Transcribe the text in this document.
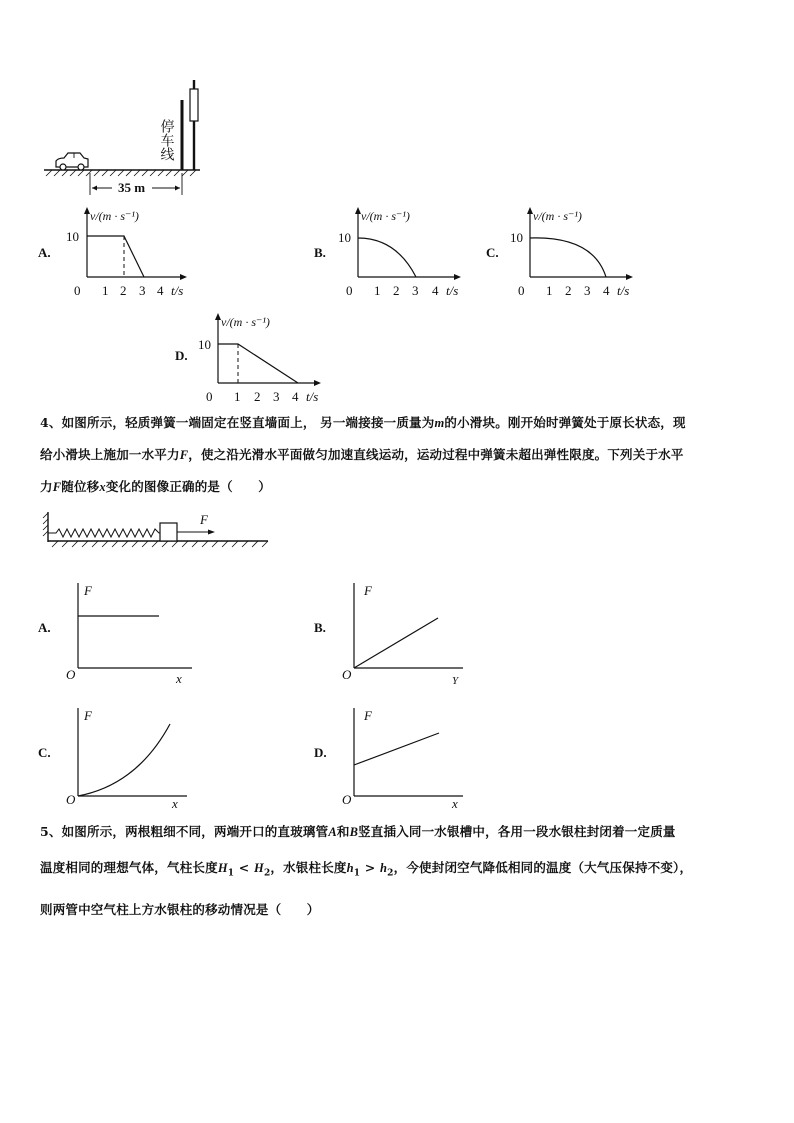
停车线
35 m
A.
v/(m · s⁻¹)
10
0 1 2 3 4 t/s
B.
v/(m · s⁻¹)
10
0 1 2 3 4 t/s
C.
v/(m · s⁻¹)
10
0 1 2 3 4 t/s
D.
v/(m · s⁻¹)
10
0 1 2 3 4 t/s
4、如图所示，轻质弹簧一端固定在竖直墙面上， 另一端接接一质量为m的小滑块。刚开始时弹簧处于原长状态，现
给小滑块上施加一水平力F，使之沿光滑水平面做匀加速直线运动，运动过程中弹簧未超出弹性限度。下列关于水平
力F随位移x变化的图像正确的是（　　）
F
A.
F
O	x
B.
F
O	Y
C.
F
O	x
D.
F
O	x
5、如图所示，两根粗细不同，两端开口的直玻璃管A和B竖直插入同一水银槽中，各用一段水银柱封闭着一定质量
温度相同的理想气体，气柱长度$H_1 < H_2$，水银柱长度$h_1 > h_2$，今使封闭空气降低相同的温度（大气压保持不变），
则两管中空气柱上方水银柱的移动情况是（　　）
